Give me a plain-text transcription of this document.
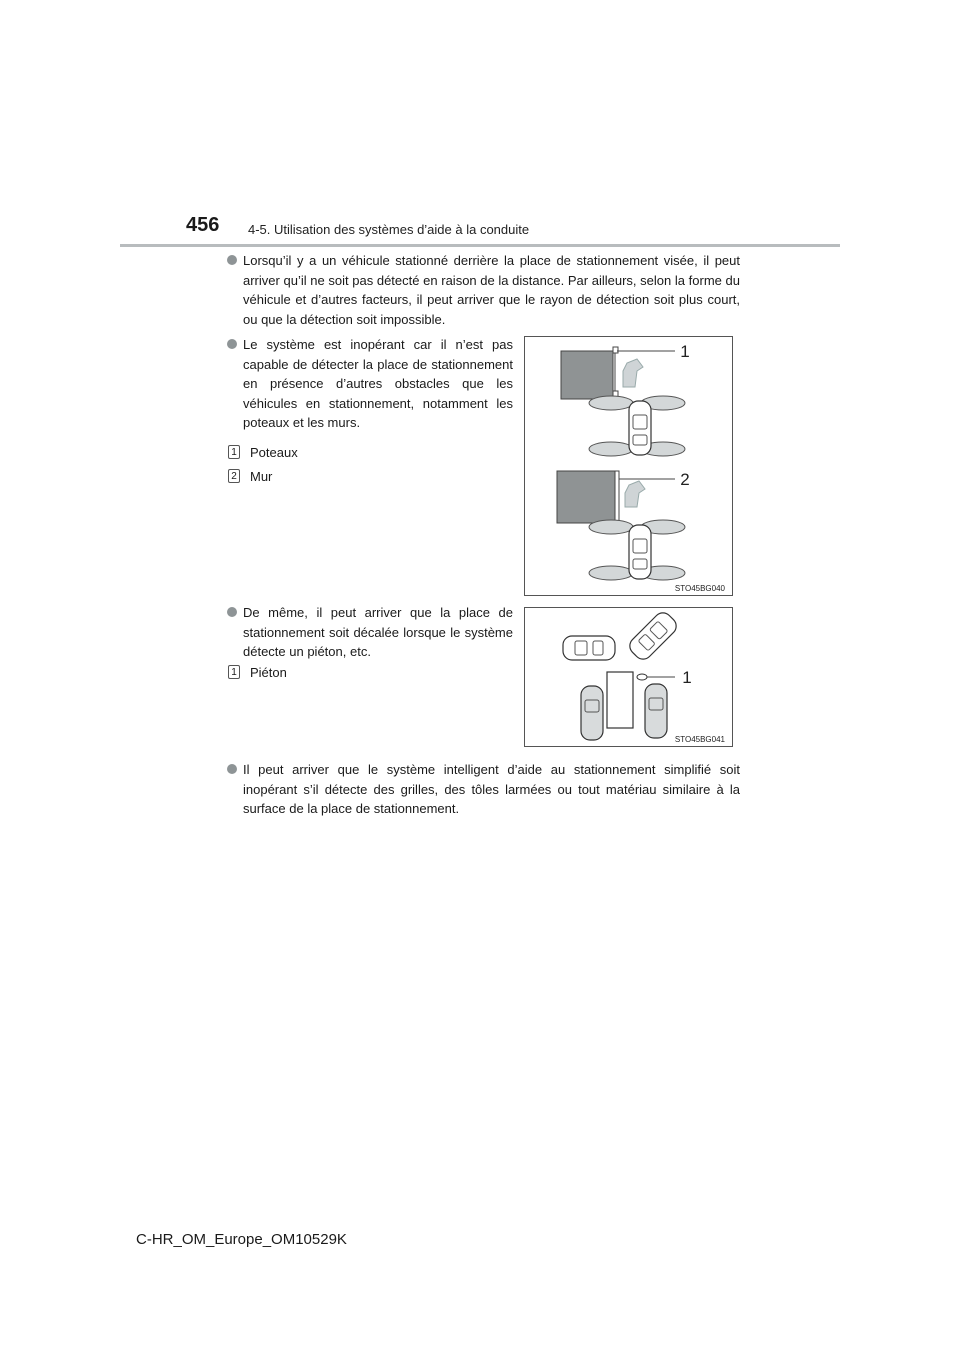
456 4-5. Utilisation des systèmes d’aide à la conduite
Lorsqu’il y a un véhicule stationné derrière la place de stationnement visée, il peut arriver qu’il ne soit pas détecté en raison de la distance. Par ailleurs, selon la forme du véhicule et d’autres facteurs, il peut arriver que le rayon de détection soit plus court, ou que la détection soit impossible.
Le système est inopérant car il n’est pas capable de détecter la place de stationnement en présence d’autres obstacles que les véhicules en stationnement, notamment les poteaux et les murs.
1 Poteaux
2 Mur
1
2
STO45BG040
De même, il peut arriver que la place de stationnement soit décalée lorsque le système détecte un piéton, etc.
1 Piéton	1
STO45BG041
Il peut arriver que le système intelligent d’aide au stationnement simplifié soit inopérant s’il détecte des grilles, des tôles larmées ou tout matériau similaire à la surface de la place de stationnement.
C-HR_OM_Europe_OM10529K
